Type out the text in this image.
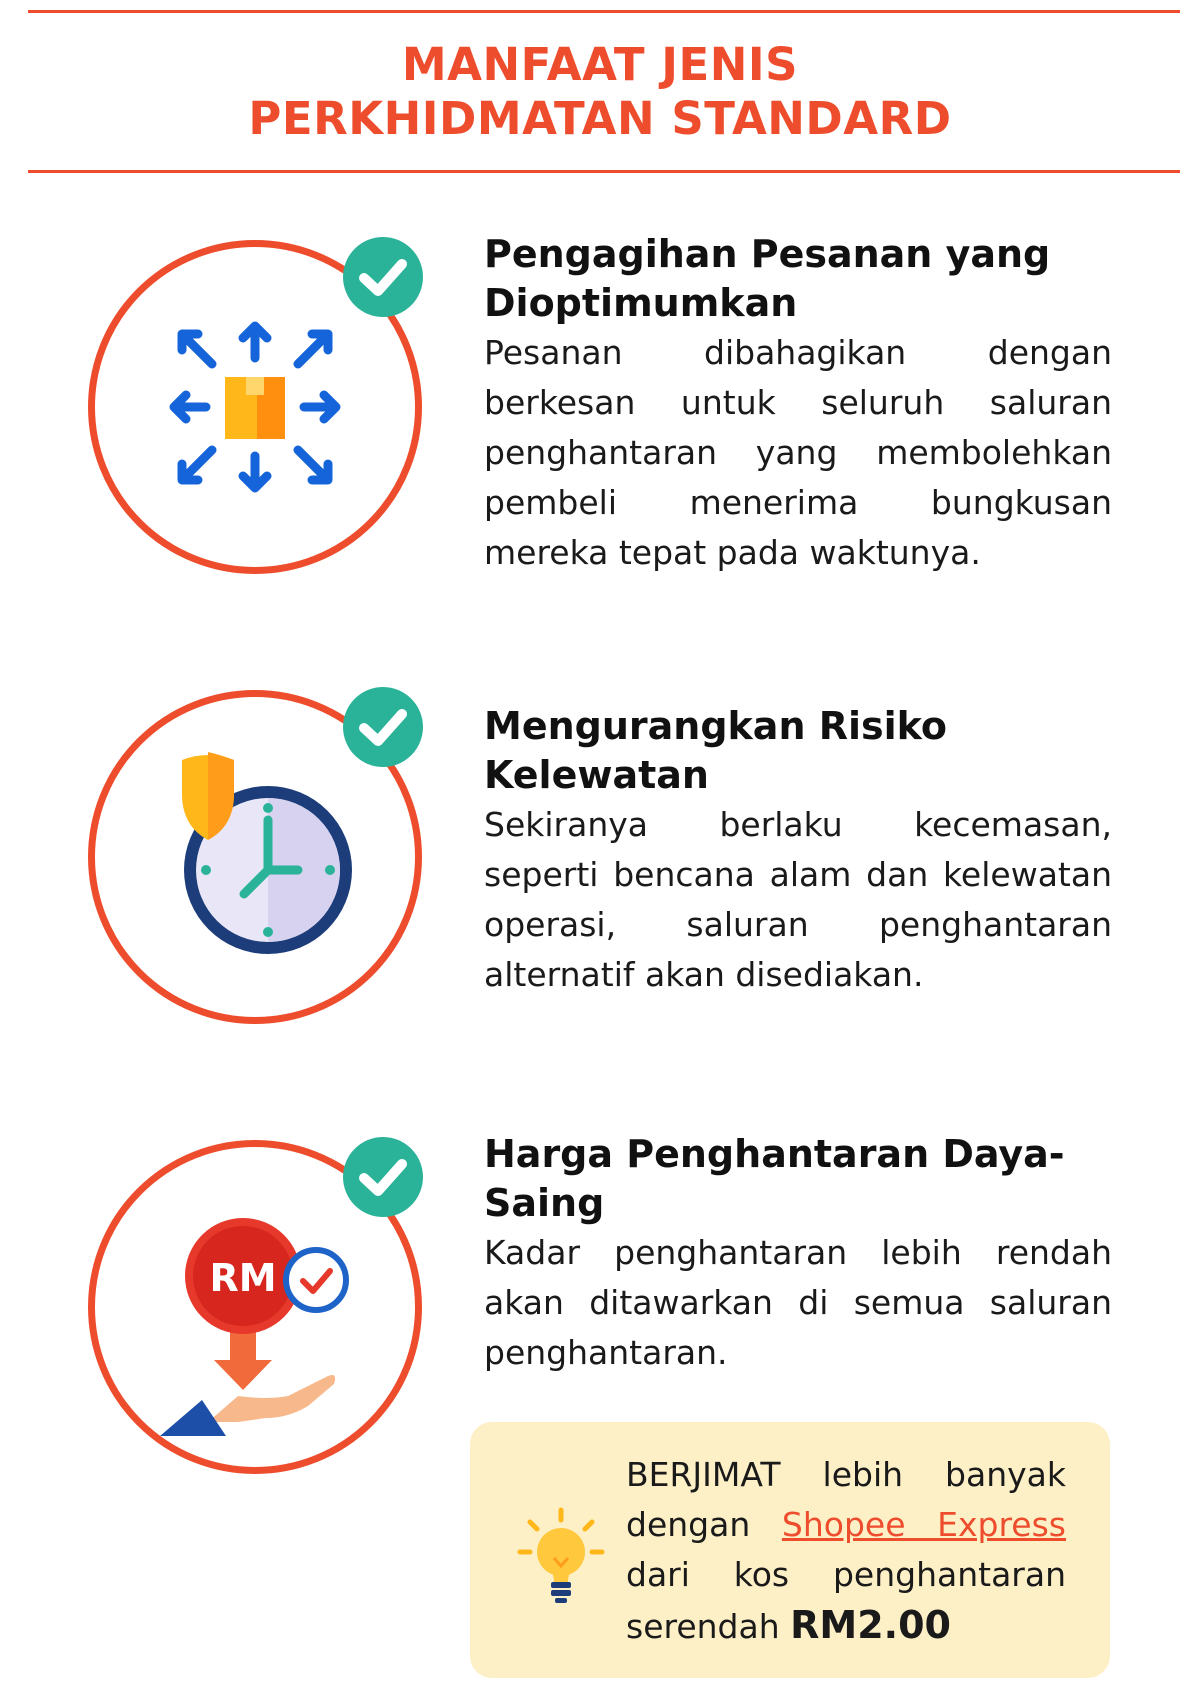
MANFAAT JENIS
PERKHIDMATAN STANDARD

Pengagihan Pesanan yang Dioptimumkan

Pesanan dibahagikan dengan berkesan untuk seluruh saluran penghantaran yang membolehkan pembeli menerima bungkusan mereka tepat pada waktunya.

Mengurangkan Risiko Kelewatan

Sekiranya berlaku kecemasan, seperti bencana alam dan kelewatan operasi, saluran penghantaran alternatif akan disediakan.

RM

Harga Penghantaran Daya-Saing

Kadar penghantaran lebih rendah akan ditawarkan di semua saluran penghantaran.

BERJIMAT lebih banyak dengan Shopee Express dari kos penghantaran serendah RM2.00
